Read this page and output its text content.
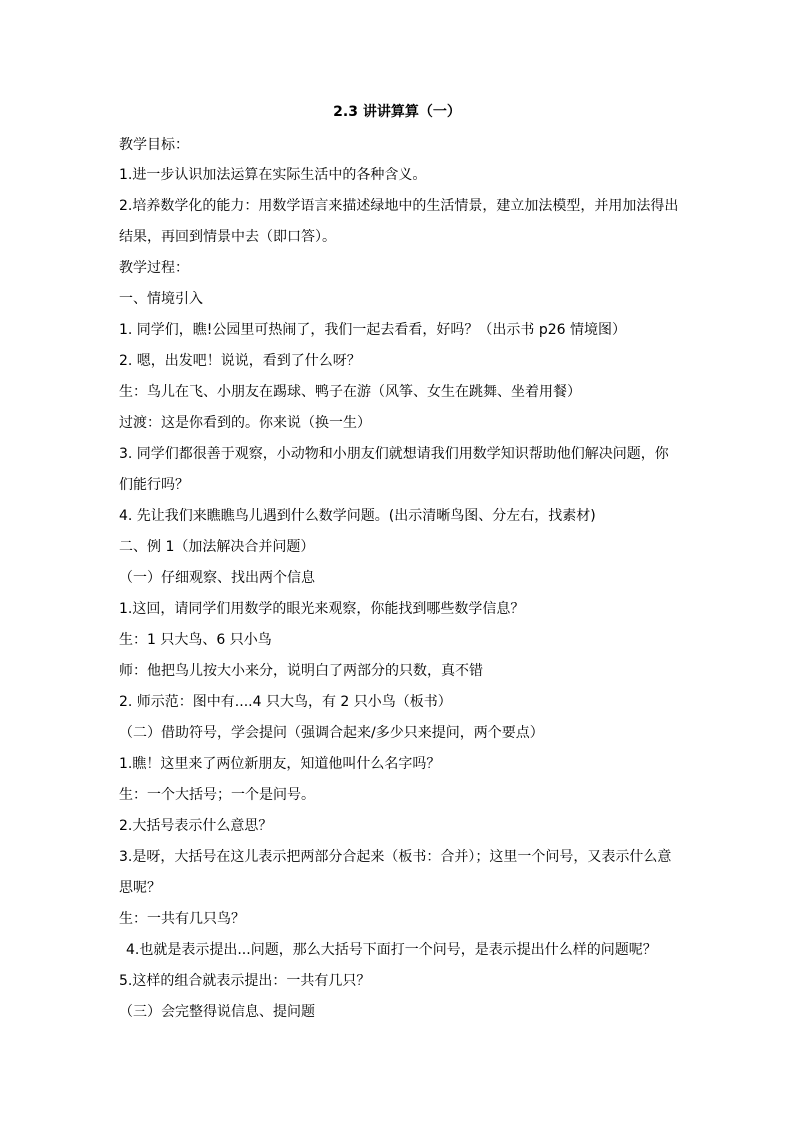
2.3 讲讲算算（一）
教学目标：
1.进一步认识加法运算在实际生活中的各种含义。
2.培养数学化的能力：用数学语言来描述绿地中的生活情景，建立加法模型，并用加法得出
结果，再回到情景中去（即口答）。
教学过程：
一、情境引入
1. 同学们，瞧!公园里可热闹了，我们一起去看看，好吗？（出示书 p26 情境图）
2. 嗯，出发吧！说说，看到了什么呀？
生：鸟儿在飞、小朋友在踢球、鸭子在游（风筝、女生在跳舞、坐着用餐）
过渡：这是你看到的。你来说（换一生）
3. 同学们都很善于观察，小动物和小朋友们就想请我们用数学知识帮助他们解决问题，你
们能行吗？
4. 先让我们来瞧瞧鸟儿遇到什么数学问题。(出示清晰鸟图、分左右，找素材)
二、例 1（加法解决合并问题）
（一）仔细观察、找出两个信息
1.这回，请同学们用数学的眼光来观察，你能找到哪些数学信息？
生：1 只大鸟、6 只小鸟
师：他把鸟儿按大小来分，说明白了两部分的只数，真不错
2. 师示范：图中有....4 只大鸟，有 2 只小鸟（板书）
（二）借助符号，学会提问（强调合起来/多少只来提问，两个要点）
1.瞧！这里来了两位新朋友，知道他叫什么名字吗？
生：一个大括号；一个是问号。
2.大括号表示什么意思？
3.是呀，大括号在这儿表示把两部分合起来（板书：合并）；这里一个问号，又表示什么意
思呢？
生：一共有几只鸟？
4.也就是表示提出...问题，那么大括号下面打一个问号，是表示提出什么样的问题呢？
5.这样的组合就表示提出：一共有几只？
（三）会完整得说信息、提问题
